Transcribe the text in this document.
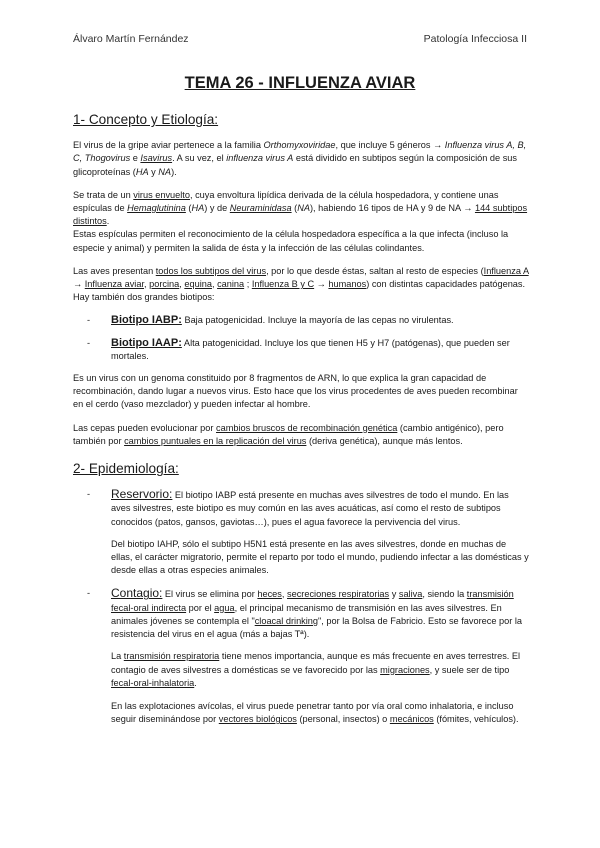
Álvaro Martín Fernández	Patología Infecciosa II
TEMA 26 - INFLUENZA AVIAR
1- Concepto y Etiología:

El virus de la gripe aviar pertenece a la familia Orthomyxoviridae, que incluye 5 géneros → Influenza virus A, B, C, Thogovirus e Isavirus. A su vez, el influenza virus A está dividido en subtipos según la composición de sus glicoproteínas (HA y NA).

Se trata de un virus envuelto, cuya envoltura lipídica derivada de la célula hospedadora, y contiene unas espículas de Hemaglutinina (HA) y de Neuraminidasa (NA), habiendo 16 tipos de HA y 9 de NA → 144 subtipos distintos.
Estas espículas permiten el reconocimiento de la célula hospedadora específica a la que infecta (incluso la especie y animal) y permiten la salida de ésta y la infección de las células colindantes.

Las aves presentan todos los subtipos del virus, por lo que desde éstas, saltan al resto de especies (Influenza A → Influenza aviar, porcina, equina, canina ; Influenza B y C → humanos) con distintas capacidades patógenas. Hay también dos grandes biotipos:

-	Biotipo IABP: Baja patogenicidad. Incluye la mayoría de las cepas no virulentas.
-	Biotipo IAAP: Alta patogenicidad. Incluye los que tienen H5 y H7 (patógenas), que pueden ser mortales.

Es un virus con un genoma constituido por 8 fragmentos de ARN, lo que explica la gran capacidad de recombinación, dando lugar a nuevos virus. Esto hace que los virus procedentes de aves pueden recombinar en el cerdo (vaso mezclador) y pueden infectar al hombre.

Las cepas pueden evolucionar por cambios bruscos de recombinación genética (cambio antigénico), pero también por cambios puntuales en la replicación del virus (deriva genética), aunque más lentos.

2- Epidemiología:
-	Reservorio: El biotipo IABP está presente en muchas aves silvestres de todo el mundo. En las aves silvestres, este biotipo es muy común en las aves acuáticas, así como el resto de subtipos conocidos (patos, gansos, gaviotas…), pues el agua favorece la pervivencia del virus.

Del biotipo IAHP, sólo el subtipo H5N1 está presente en las aves silvestres, donde en muchas de ellas, el carácter migratorio, permite el reparto por todo el mundo, pudiendo infectar a las domésticas y desde ellas a otras especies animales.

-	Contagio: El virus se elimina por heces, secreciones respiratorias y saliva, siendo la transmisión fecal-oral indirecta por el agua, el principal mecanismo de transmisión en las aves silvestres. En animales jóvenes se contempla el "cloacal drinking", por la Bolsa de Fabricio. Esto se favorece por la resistencia del virus en el agua (más a bajas Tª).

La transmisión respiratoria tiene menos importancia, aunque es más frecuente en aves terrestres. El contagio de aves silvestres a domésticas se ve favorecido por las migraciones, y suele ser de tipo fecal-oral-inhalatoria.

En las explotaciones avícolas, el virus puede penetrar tanto por vía oral como inhalatoria, e incluso seguir diseminándose por vectores biológicos (personal, insectos) o mecánicos (fómites, vehículos).
